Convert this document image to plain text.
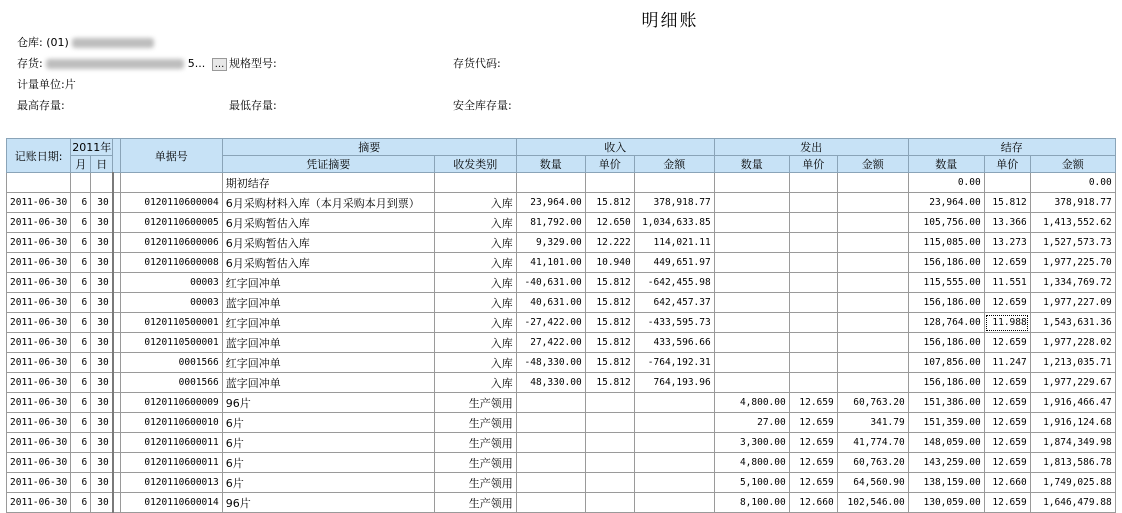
明细账
仓库: (01)
存货:	5... ... 规格型号:	存货代码:
计量单位:片
最高存量:	最低存量:	安全库存量:
记账日期:	2011年			单据号	摘要		收入			发出			结存		
	月	日			凭证摘要	收发类别	数量	单价	金额	数量	单价	金额	数量	单价	金额
					期初结存								0.00		0.00
2011-06-30	6	30		0120110600004	6月采购材料入库（本月采购本月到票）	入库	23,964.00	15.812	378,918.77				23,964.00	15.812	378,918.77
2011-06-30	6	30		0120110600005	6月采购暂估入库	入库	81,792.00	12.650	1,034,633.85				105,756.00	13.366	1,413,552.62
2011-06-30	6	30		0120110600006	6月采购暂估入库	入库	9,329.00	12.222	114,021.11				115,085.00	13.273	1,527,573.73
2011-06-30	6	30		0120110600008	6月采购暂估入库	入库	41,101.00	10.940	449,651.97				156,186.00	12.659	1,977,225.70
2011-06-30	6	30		00003	红字回冲单	入库	-40,631.00	15.812	-642,455.98				115,555.00	11.551	1,334,769.72
2011-06-30	6	30		00003	蓝字回冲单	入库	40,631.00	15.812	642,457.37				156,186.00	12.659	1,977,227.09
2011-06-30	6	30		0120110500001	红字回冲单	入库	-27,422.00	15.812	-433,595.73				128,764.00	11.988	1,543,631.36
2011-06-30	6	30		0120110500001	蓝字回冲单	入库	27,422.00	15.812	433,596.66				156,186.00	12.659	1,977,228.02
2011-06-30	6	30		0001566	红字回冲单	入库	-48,330.00	15.812	-764,192.31				107,856.00	11.247	1,213,035.71
2011-06-30	6	30		0001566	蓝字回冲单	入库	48,330.00	15.812	764,193.96				156,186.00	12.659	1,977,229.67
2011-06-30	6	30		0120110600009	96片	生产领用				4,800.00	12.659	60,763.20	151,386.00	12.659	1,916,466.47
2011-06-30	6	30		0120110600010	6片	生产领用				27.00	12.659	341.79	151,359.00	12.659	1,916,124.68
2011-06-30	6	30		0120110600011	6片	生产领用				3,300.00	12.659	41,774.70	148,059.00	12.659	1,874,349.98
2011-06-30	6	30		0120110600011	6片	生产领用				4,800.00	12.659	60,763.20	143,259.00	12.659	1,813,586.78
2011-06-30	6	30		0120110600013	6片	生产领用				5,100.00	12.659	64,560.90	138,159.00	12.660	1,749,025.88
2011-06-30	6	30		0120110600014	96片	生产领用				8,100.00	12.660	102,546.00	130,059.00	12.659	1,646,479.88
